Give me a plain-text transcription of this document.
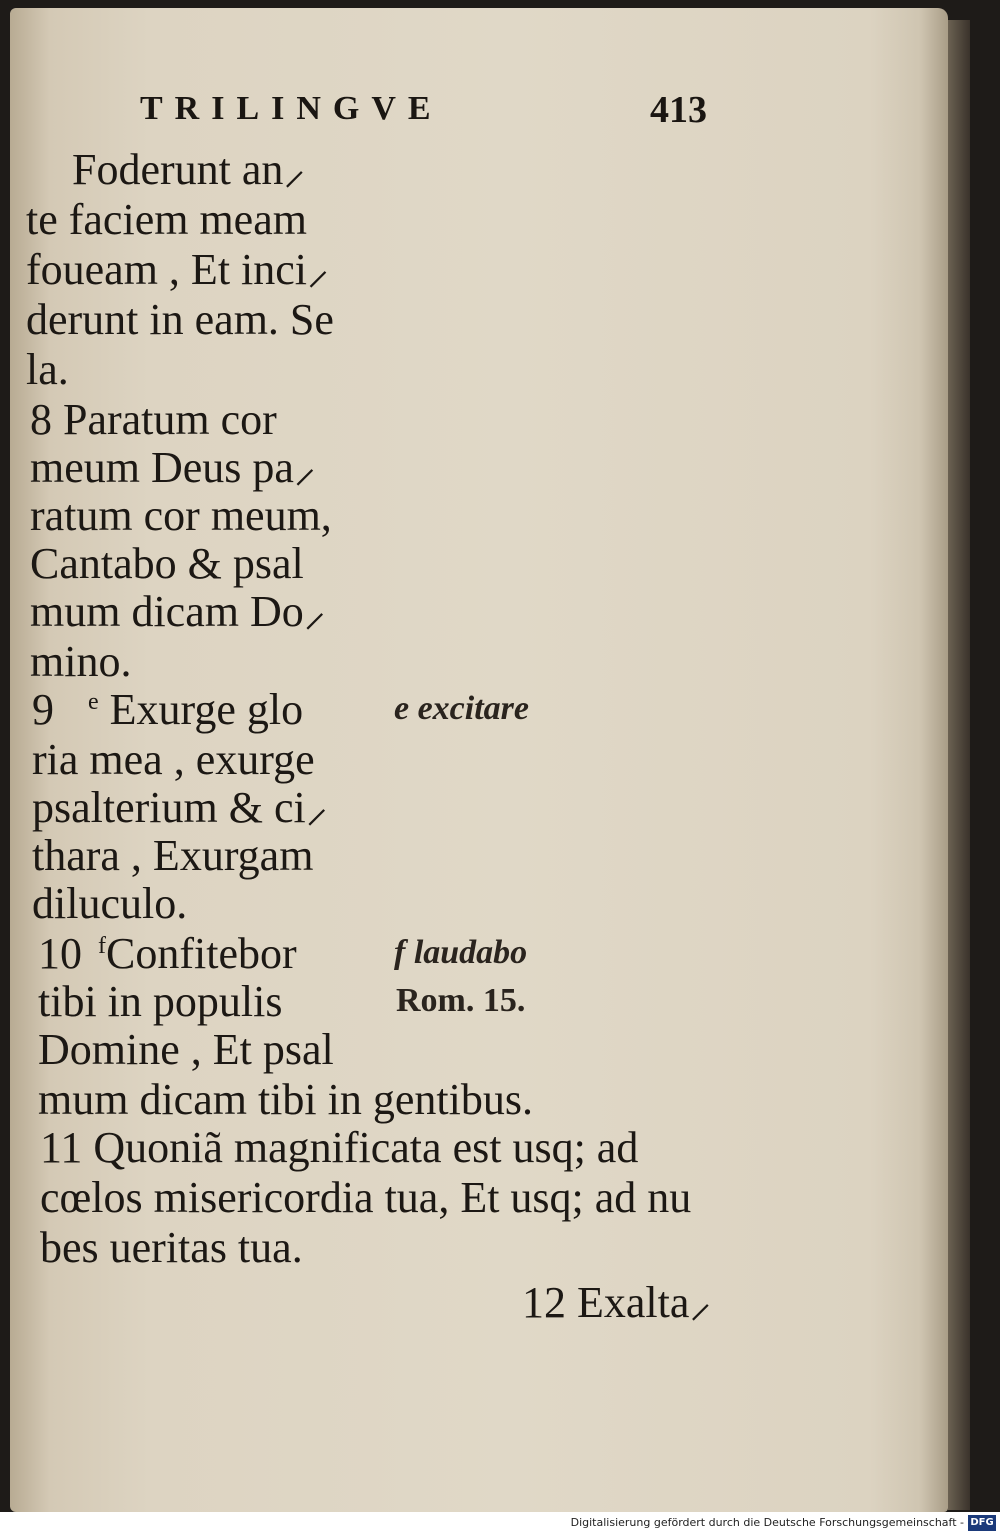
TRILINGVE	413
Foderunt an⸝
te faciem meam
foueam , Et inci⸝
derunt in eam. Se
la.
8 Paratum cor
meum Deus pa⸝
ratum cor meum,
Cantabo & psal
mum dicam Do⸝
mino.
9 $^e$ Exurge glo
ria mea , exurge
psalterium & ci⸝
thara , Exurgam
diluculo.
10 $^f$Confitebor
tibi in populis
Domine , Et psal
mum dicam tibi in gentibus.
11 Quoniã magnificata est usq; ad
cœlos misericordia tua, Et usq; ad nu
bes ueritas tua.
e excitare
f laudabo
Rom. 15.
12 Exalta⸝
Digitalisierung gefördert durch die Deutsche Forschungsgemeinschaft - DFG
